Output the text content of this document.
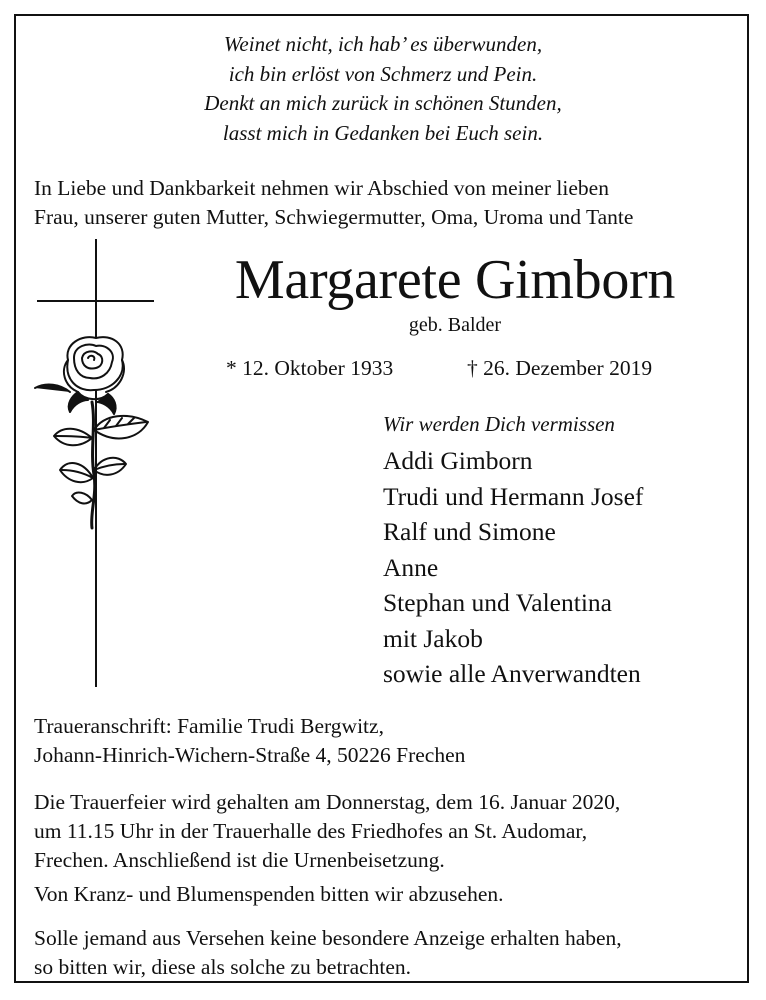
Weinet nicht, ich hab’ es überwunden,
ich bin erlöst von Schmerz und Pein.
Denkt an mich zurück in schönen Stunden,
lasst mich in Gedanken bei Euch sein.
In Liebe und Dankbarkeit nehmen wir Abschied von meiner lieben
Frau, unserer guten Mutter, Schwiegermutter, Oma, Uroma und Tante
Margarete Gimborn
geb. Balder
* 12. Oktober 1933	† 26. Dezember 2019
Wir werden Dich vermissen
Addi Gimborn
Trudi und Hermann Josef
Ralf und Simone
Anne
Stephan und Valentina
mit Jakob
sowie alle Anverwandten

Traueranschrift: Familie Trudi Bergwitz,

Johann-Hinrich-Wichern-Straße 4, 50226 Frechen

Die Trauerfeier wird gehalten am Donnerstag, dem 16. Januar 2020,

um 11.15 Uhr in der Trauerhalle des Friedhofes an St. Audomar,

Frechen. Anschließend ist die Urnenbeisetzung.

Von Kranz- und Blumenspenden bitten wir abzusehen.

Solle jemand aus Versehen keine besondere Anzeige erhalten haben,

so bitten wir, diese als solche zu betrachten.
